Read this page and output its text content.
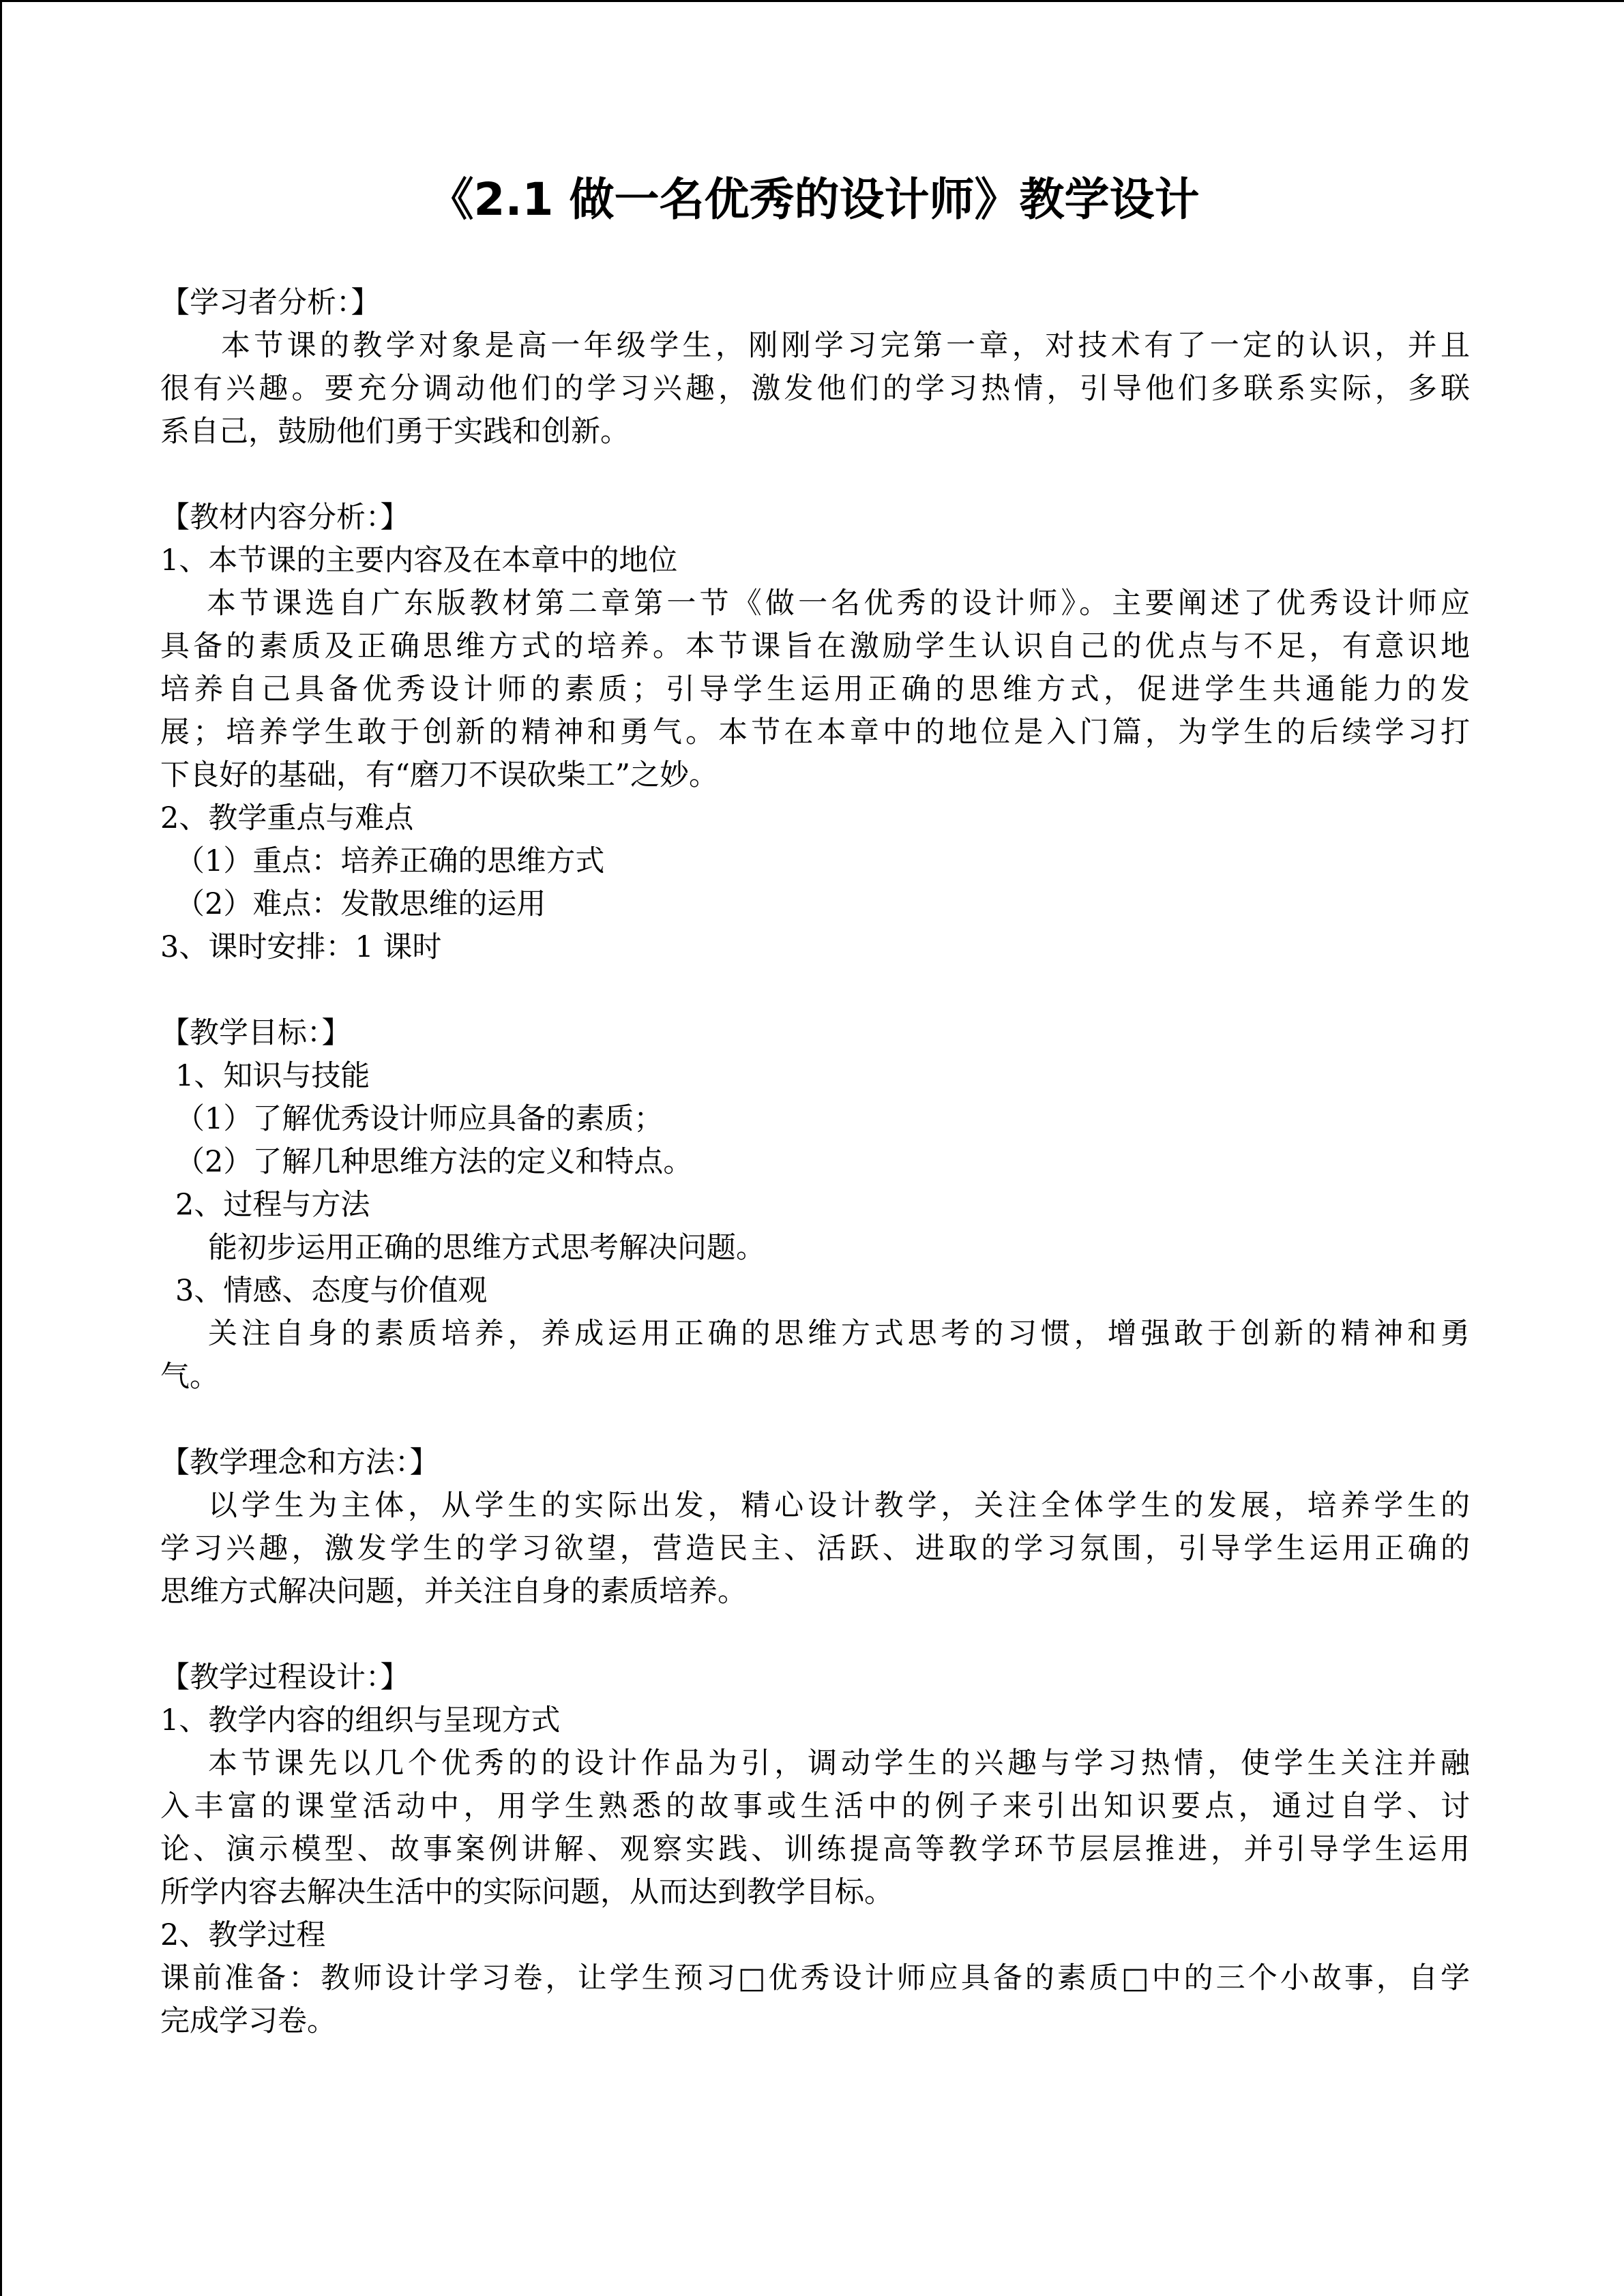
《2.1 做一名优秀的设计师》教学设计
【学习者分析：】
本节课的教学对象是高一年级学生，刚刚学习完第一章，对技术有了一定的认识，并且
很有兴趣。要充分调动他们的学习兴趣，激发他们的学习热情，引导他们多联系实际，多联
系自己，鼓励他们勇于实践和创新。
【教材内容分析：】
1、本节课的主要内容及在本章中的地位
本节课选自广东版教材第二章第一节《做一名优秀的设计师》。主要阐述了优秀设计师应
具备的素质及正确思维方式的培养。本节课旨在激励学生认识自己的优点与不足，有意识地
培养自己具备优秀设计师的素质；引导学生运用正确的思维方式，促进学生共通能力的发
展；培养学生敢于创新的精神和勇气。本节在本章中的地位是入门篇，为学生的后续学习打
下良好的基础，有“磨刀不误砍柴工”之妙。
2、教学重点与难点
（1）重点：培养正确的思维方式
（2）难点：发散思维的运用
3、课时安排：1 课时
【教学目标：】
1、知识与技能
（1）了解优秀设计师应具备的素质；
（2）了解几种思维方法的定义和特点。
2、过程与方法
能初步运用正确的思维方式思考解决问题。
3、情感、态度与价值观
关注自身的素质培养，养成运用正确的思维方式思考的习惯，增强敢于创新的精神和勇
气。
【教学理念和方法：】
以学生为主体，从学生的实际出发，精心设计教学，关注全体学生的发展，培养学生的
学习兴趣，激发学生的学习欲望，营造民主、活跃、进取的学习氛围，引导学生运用正确的
思维方式解决问题，并关注自身的素质培养。
【教学过程设计：】
1、教学内容的组织与呈现方式
本节课先以几个优秀的的设计作品为引，调动学生的兴趣与学习热情，使学生关注并融
入丰富的课堂活动中，用学生熟悉的故事或生活中的例子来引出知识要点，通过自学、讨
论、演示模型、故事案例讲解、观察实践、训练提高等教学环节层层推进，并引导学生运用
所学内容去解决生活中的实际问题，从而达到教学目标。
2、教学过程
课前准备：教师设计学习卷，让学生预习□优秀设计师应具备的素质□中的三个小故事，自学
完成学习卷。
